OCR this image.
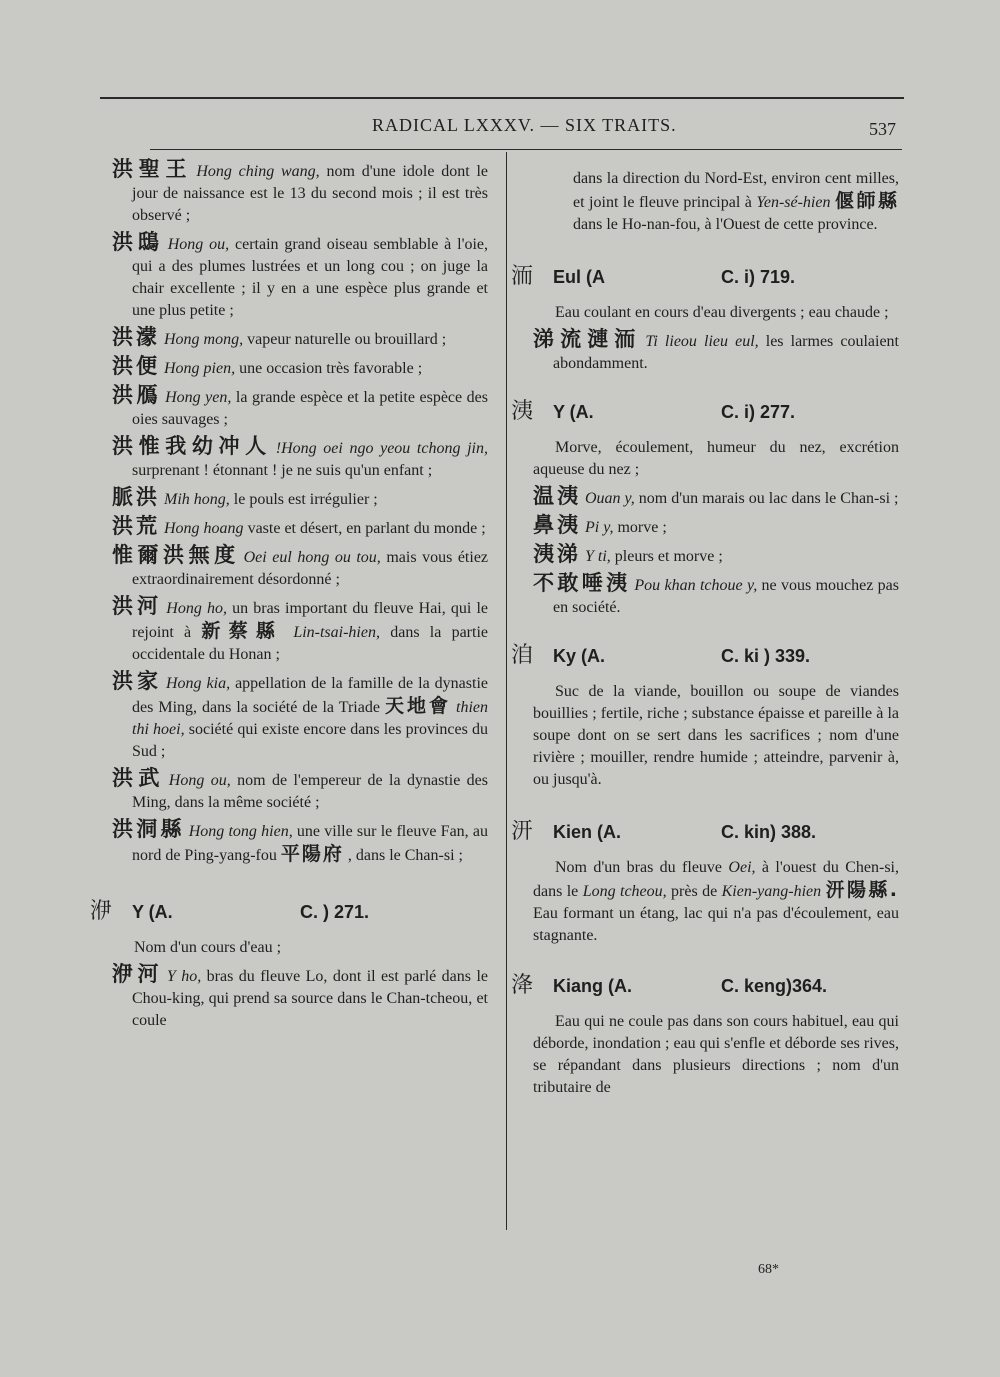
RADICAL LXXXV. — SIX TRAITS.	537
洪聖王 Hong ching wang, nom d'une idole dont le jour de naissance est le 13 du second mois ; il est très observé ;
洪鴟 Hong ou, certain grand oiseau semblable à l'oie, qui a des plumes lustrées et un long cou ; on juge la chair excellente ; il y en a une espèce plus grande et une plus petite ;
洪濛 Hong mong, vapeur naturelle ou brouillard ;
洪便 Hong pien, une occasion très favorable ;
洪鴈 Hong yen, la grande espèce et la petite espèce des oies sauvages ;
洪惟我幼冲人 !Hong oei ngo yeou tchong jin, surprenant ! étonnant ! je ne suis qu'un enfant ;
脈洪 Mih hong, le pouls est irrégulier ;
洪荒 Hong hoang vaste et désert, en parlant du monde ;
惟爾洪無度 Oei eul hong ou tou, mais vous étiez extraordinairement désordonné ;
洪河 Hong ho, un bras important du fleuve Hai, qui le rejoint à 新蔡縣 Lin-tsai-hien, dans la partie occidentale du Honan ;
洪家 Hong kia, appellation de la famille de la dynastie des Ming, dans la société de la Triade 天地會 thien thi hoei, société qui existe encore dans les provinces du Sud ;
洪武 Hong ou, nom de l'empereur de la dynastie des Ming, dans la même société ;
洪洞縣 Hong tong hien, une ville sur le fleuve Fan, au nord de Ping-yang-fou 平陽府 , dans le Chan-si ;
洢	Y (A.	C. ) 271.
Nom d'un cours d'eau ;
洢河 Y ho, bras du fleuve Lo, dont il est parlé dans le Chou-king, qui prend sa source dans le Chan-tcheou, et coule
dans la direction du Nord-Est, environ cent milles, et joint le fleuve principal à Yen-sé-hien 偃師縣 dans le Ho-nan-fou, à l'Ouest de cette province.
洏	Eul (A	C. i) 719.
Eau coulant en cours d'eau divergents ; eau chaude ;
涕流漣洏 Ti lieou lieu eul, les larmes coulaient abondamment.
洟	Y (A.	C. i) 277.
Morve, écoulement, humeur du nez, excrétion aqueuse du nez ;
温洟 Ouan y, nom d'un marais ou lac dans le Chan-si ;
鼻洟 Pi y, morve ;
洟涕 Y ti, pleurs et morve ;
不敢唾洟 Pou khan tchoue y, ne vous mouchez pas en société.
洎	Ky (A.	C. ki ) 339.
Suc de la viande, bouillon ou soupe de viandes bouillies ; fertile, riche ; substance épaisse et pareille à la soupe dont on se sert dans les sacrifices ; nom d'une rivière ; mouiller, rendre humide ; atteindre, parvenir à, ou jusqu'à.
汧	Kien (A.	C. kin) 388.
Nom d'un bras du fleuve Oei, à l'ouest du Chen-si, dans le Long tcheou, près de Kien-yang-hien 汧陽縣. Eau formant un étang, lac qui n'a pas d'écoulement, eau stagnante.
洚	Kiang (A.	C. keng)364.
Eau qui ne coule pas dans son cours habituel, eau qui déborde, inondation ; eau qui s'enfle et déborde ses rives, se répandant dans plusieurs directions ; nom d'un tributaire de
68*
